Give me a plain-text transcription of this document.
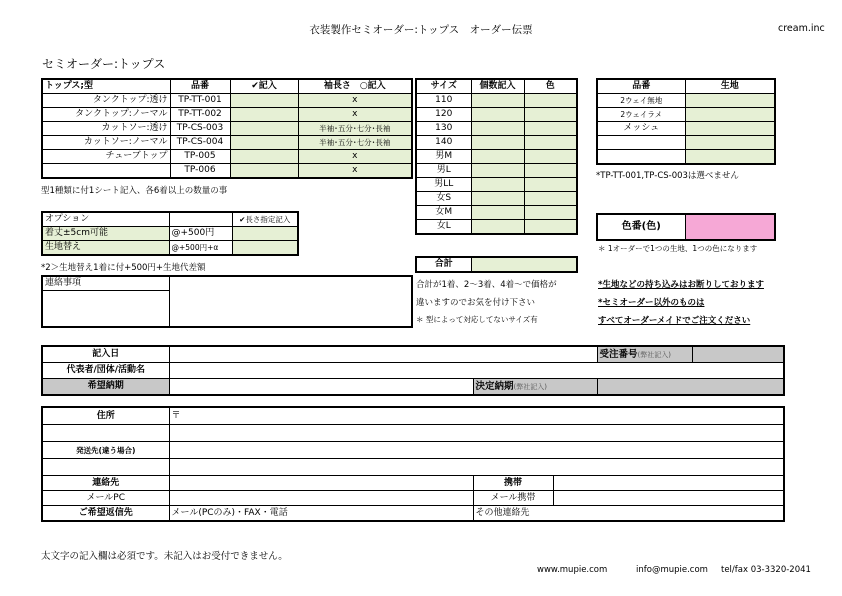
衣装製作セミオーダー:トップス　オーダー伝票	cream.inc
セミオーダー:トップス
トップス;型	品番	✔記入	袖長さ　○記入
タンクトップ:透け	TP-TT-001		x
タンクトップ:ノーマル	TP-TT-002		x
カットソー:透け	TP-CS-003		半袖･五分･七分･長袖
カットソー:ノーマル	TP-CS-004		半袖･五分･七分･長袖
チューブトップ	TP-005		x
	TP-006		x
型1種類に付1シート記入、各6着以上の数量の事
サイズ	個数記入	色
110		
120		
130		
140		
男M		
男L		
男LL		
女S		
女M		
女L		
合計	
品番	生地
2ウェイ無地	
2ウェイラメ	
メッシュ	

*TP-TT-001,TP-CS-003は選べません
色番(色)	
＊ 1オーダーで1つの生地、1つの色になります
オプション		✔長さ指定記入
着丈±5cm可能	@+500円	
生地替え	@+500円+α	
*2＞生地替え1着に付+500円+生地代差額
連絡事項		合計が1着、2～3着、4着～で価格が
違いますのでお気を付け下さい
＊ 型によって対応してないサイズ有
*生地などの持ち込みはお断りしております
*セミオーダー以外のものは
すべてオーダーメイドでご注文ください
記入日			受注番号(弊社記入)	
代表者/団体/活動名				
希望納期		決定納期(弊社記入)		
住所	〒		

発送先(違う場合)			

連絡先		携帯	
メールPC		メール携帯	
ご希望返信先	メール(PCのみ)・FAX・電話	その他連絡先	
太文字の記入欄は必須です。未記入はお受付できません。
www.mupie.com	info@mupie.com tel/fax 03-3320-2041
